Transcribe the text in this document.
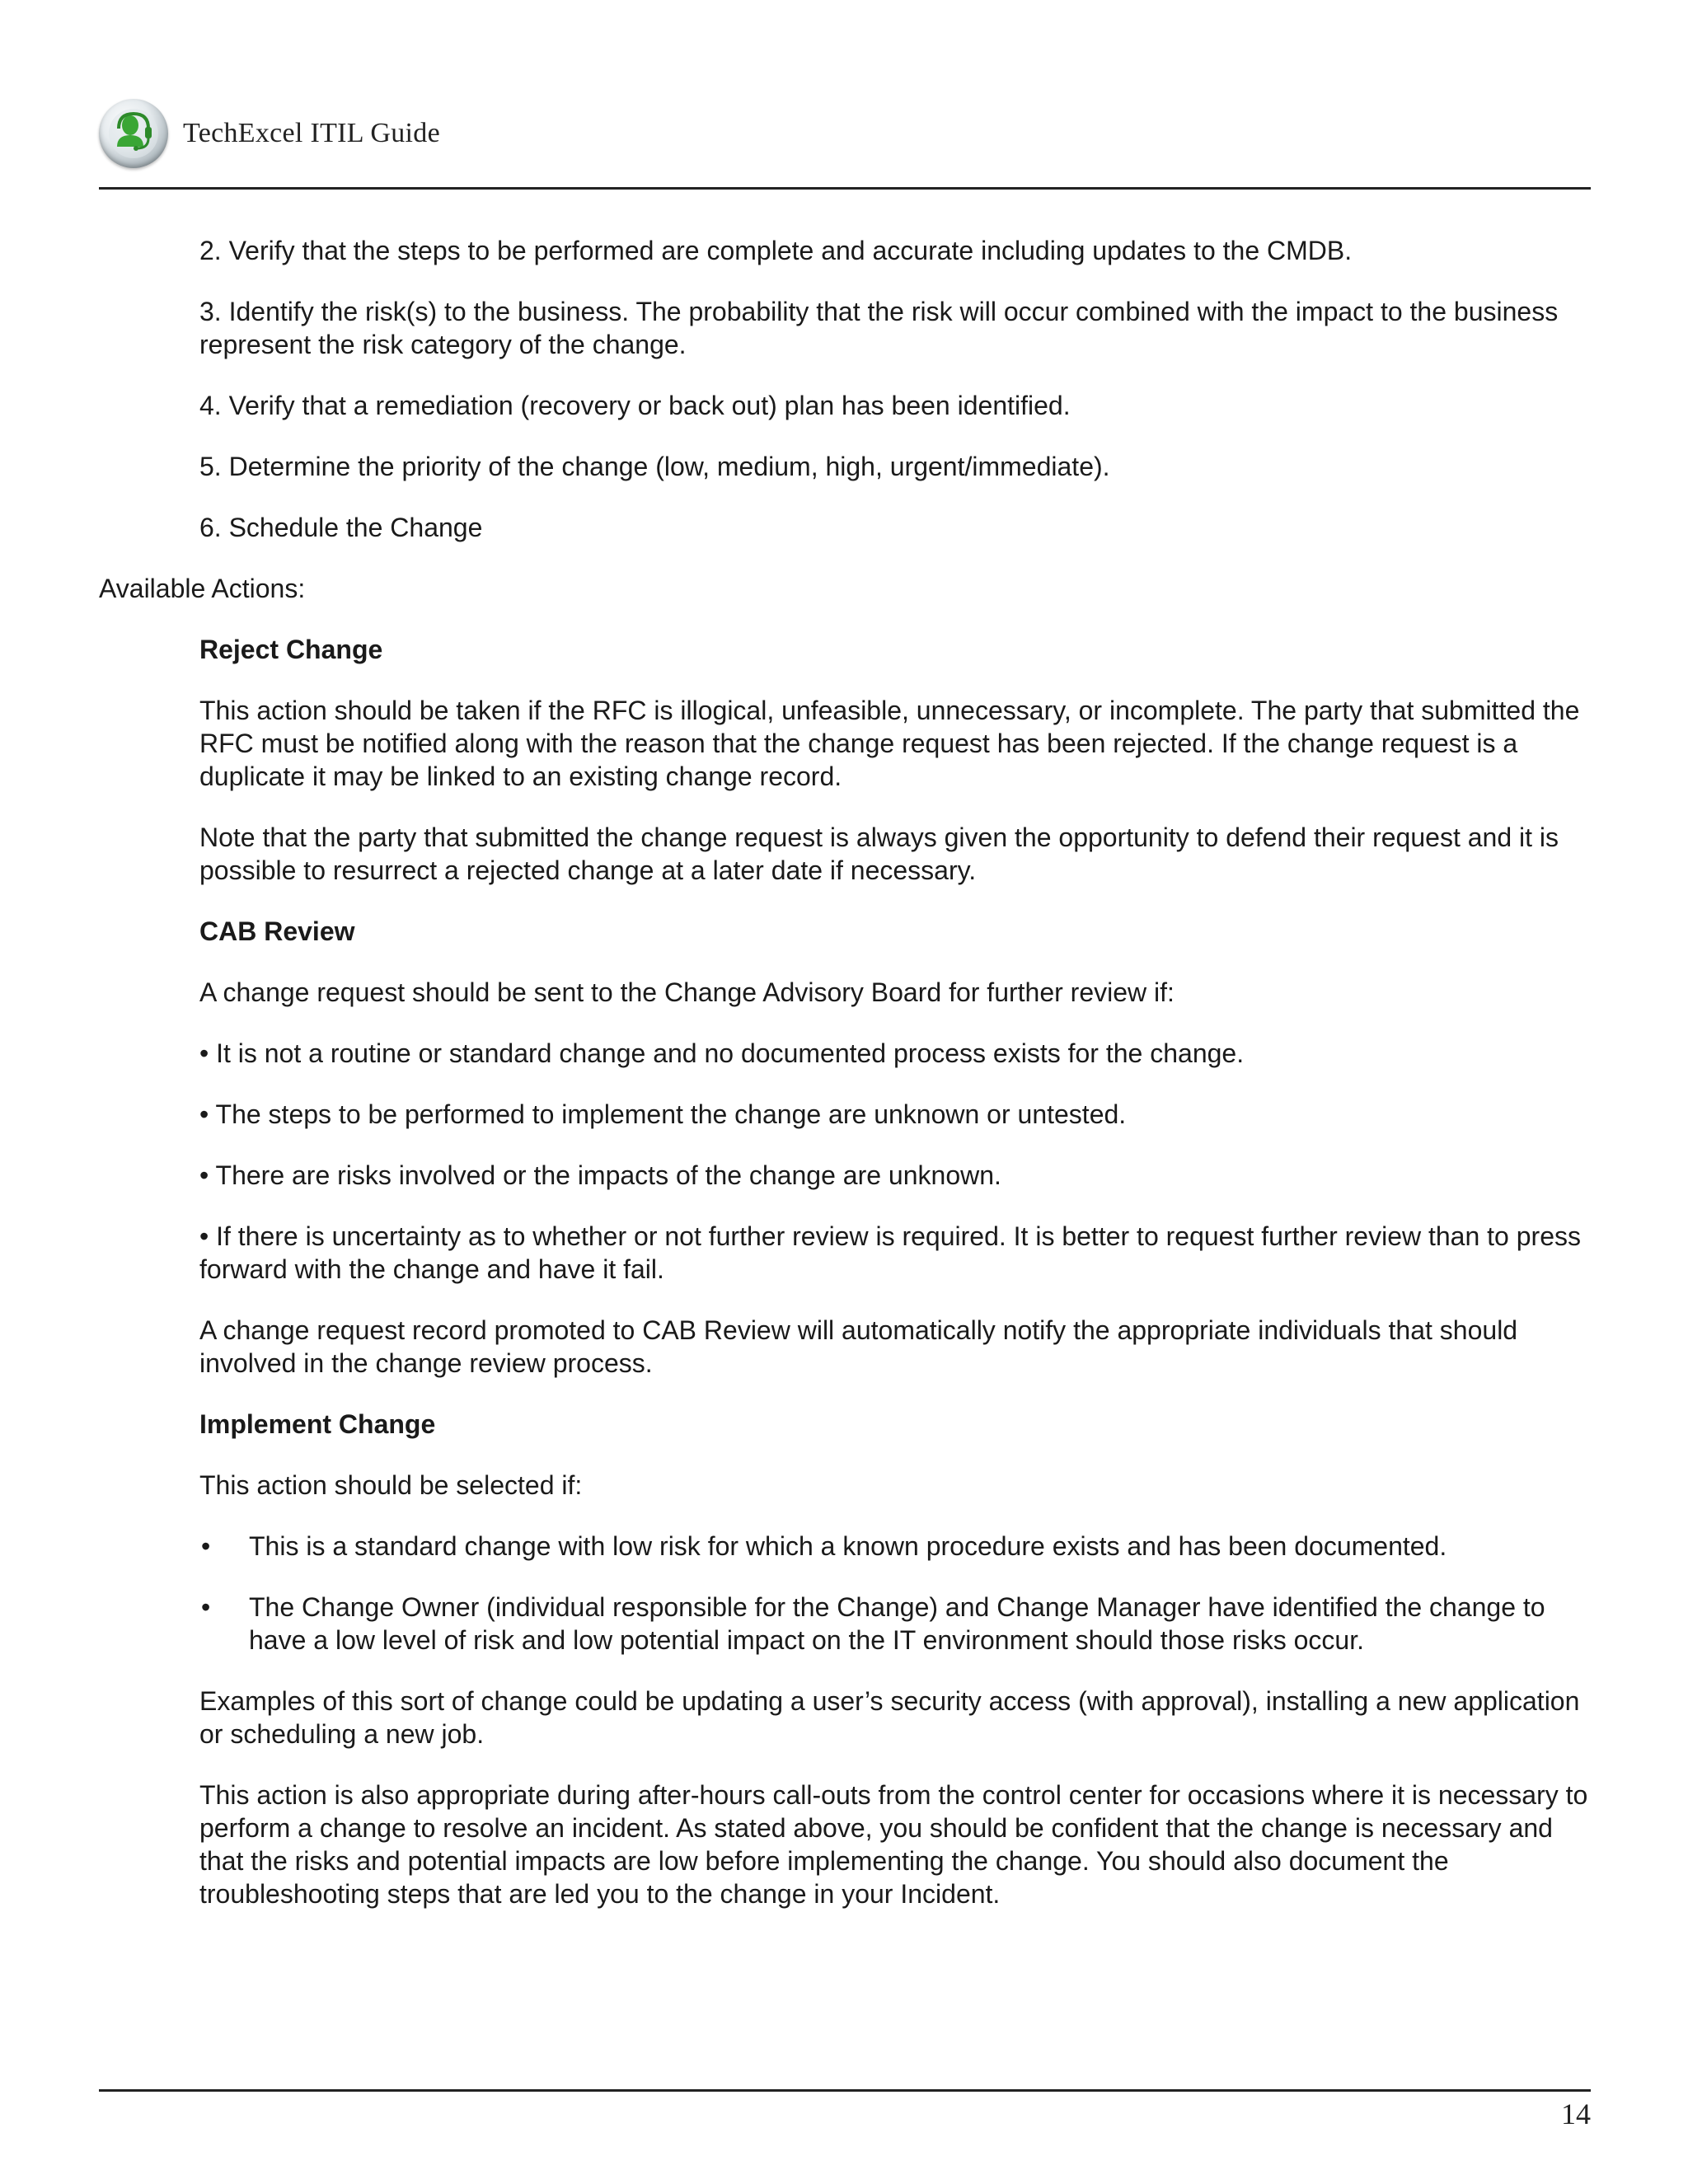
TechExcel ITIL Guide

2. Verify that the steps to be performed are complete and accurate including updates to the CMDB.

3. Identify the risk(s) to the business. The probability that the risk will occur combined with the impact to the business represent the risk category of the change.

4. Verify that a remediation (recovery or back out) plan has been identified.

5. Determine the priority of the change (low, medium, high, urgent/immediate).

6. Schedule the Change

Available Actions:

Reject Change

This action should be taken if the RFC is illogical, unfeasible, unnecessary, or incomplete. The party that submitted the RFC must be notified along with the reason that the change request has been rejected. If the change request is a duplicate it may be linked to an existing change record.

Note that the party that submitted the change request is always given the opportunity to defend their request and it is possible to resurrect a rejected change at a later date if necessary.

CAB Review

A change request should be sent to the Change Advisory Board for further review if:

• It is not a routine or standard change and no documented process exists for the change.

• The steps to be performed to implement the change are unknown or untested.

• There are risks involved or the impacts of the change are unknown.

• If there is uncertainty as to whether or not further review is required. It is better to request further review than to press forward with the change and have it fail.

A change request record promoted to CAB Review will automatically notify the appropriate individuals that should involved in the change review process.

Implement Change

This action should be selected if:

• This is a standard change with low risk for which a known procedure exists and has been documented.
• The Change Owner (individual responsible for the Change) and Change Manager have identified the change to have a low level of risk and low potential impact on the IT environment should those risks occur.

Examples of this sort of change could be updating a user’s security access (with approval), installing a new application or scheduling a new job.

This action is also appropriate during after-hours call-outs from the control center for occasions where it is necessary to perform a change to resolve an incident. As stated above, you should be confident that the change is necessary and that the risks and potential impacts are low before implementing the change. You should also document the troubleshooting steps that are led you to the change in your Incident.

14
